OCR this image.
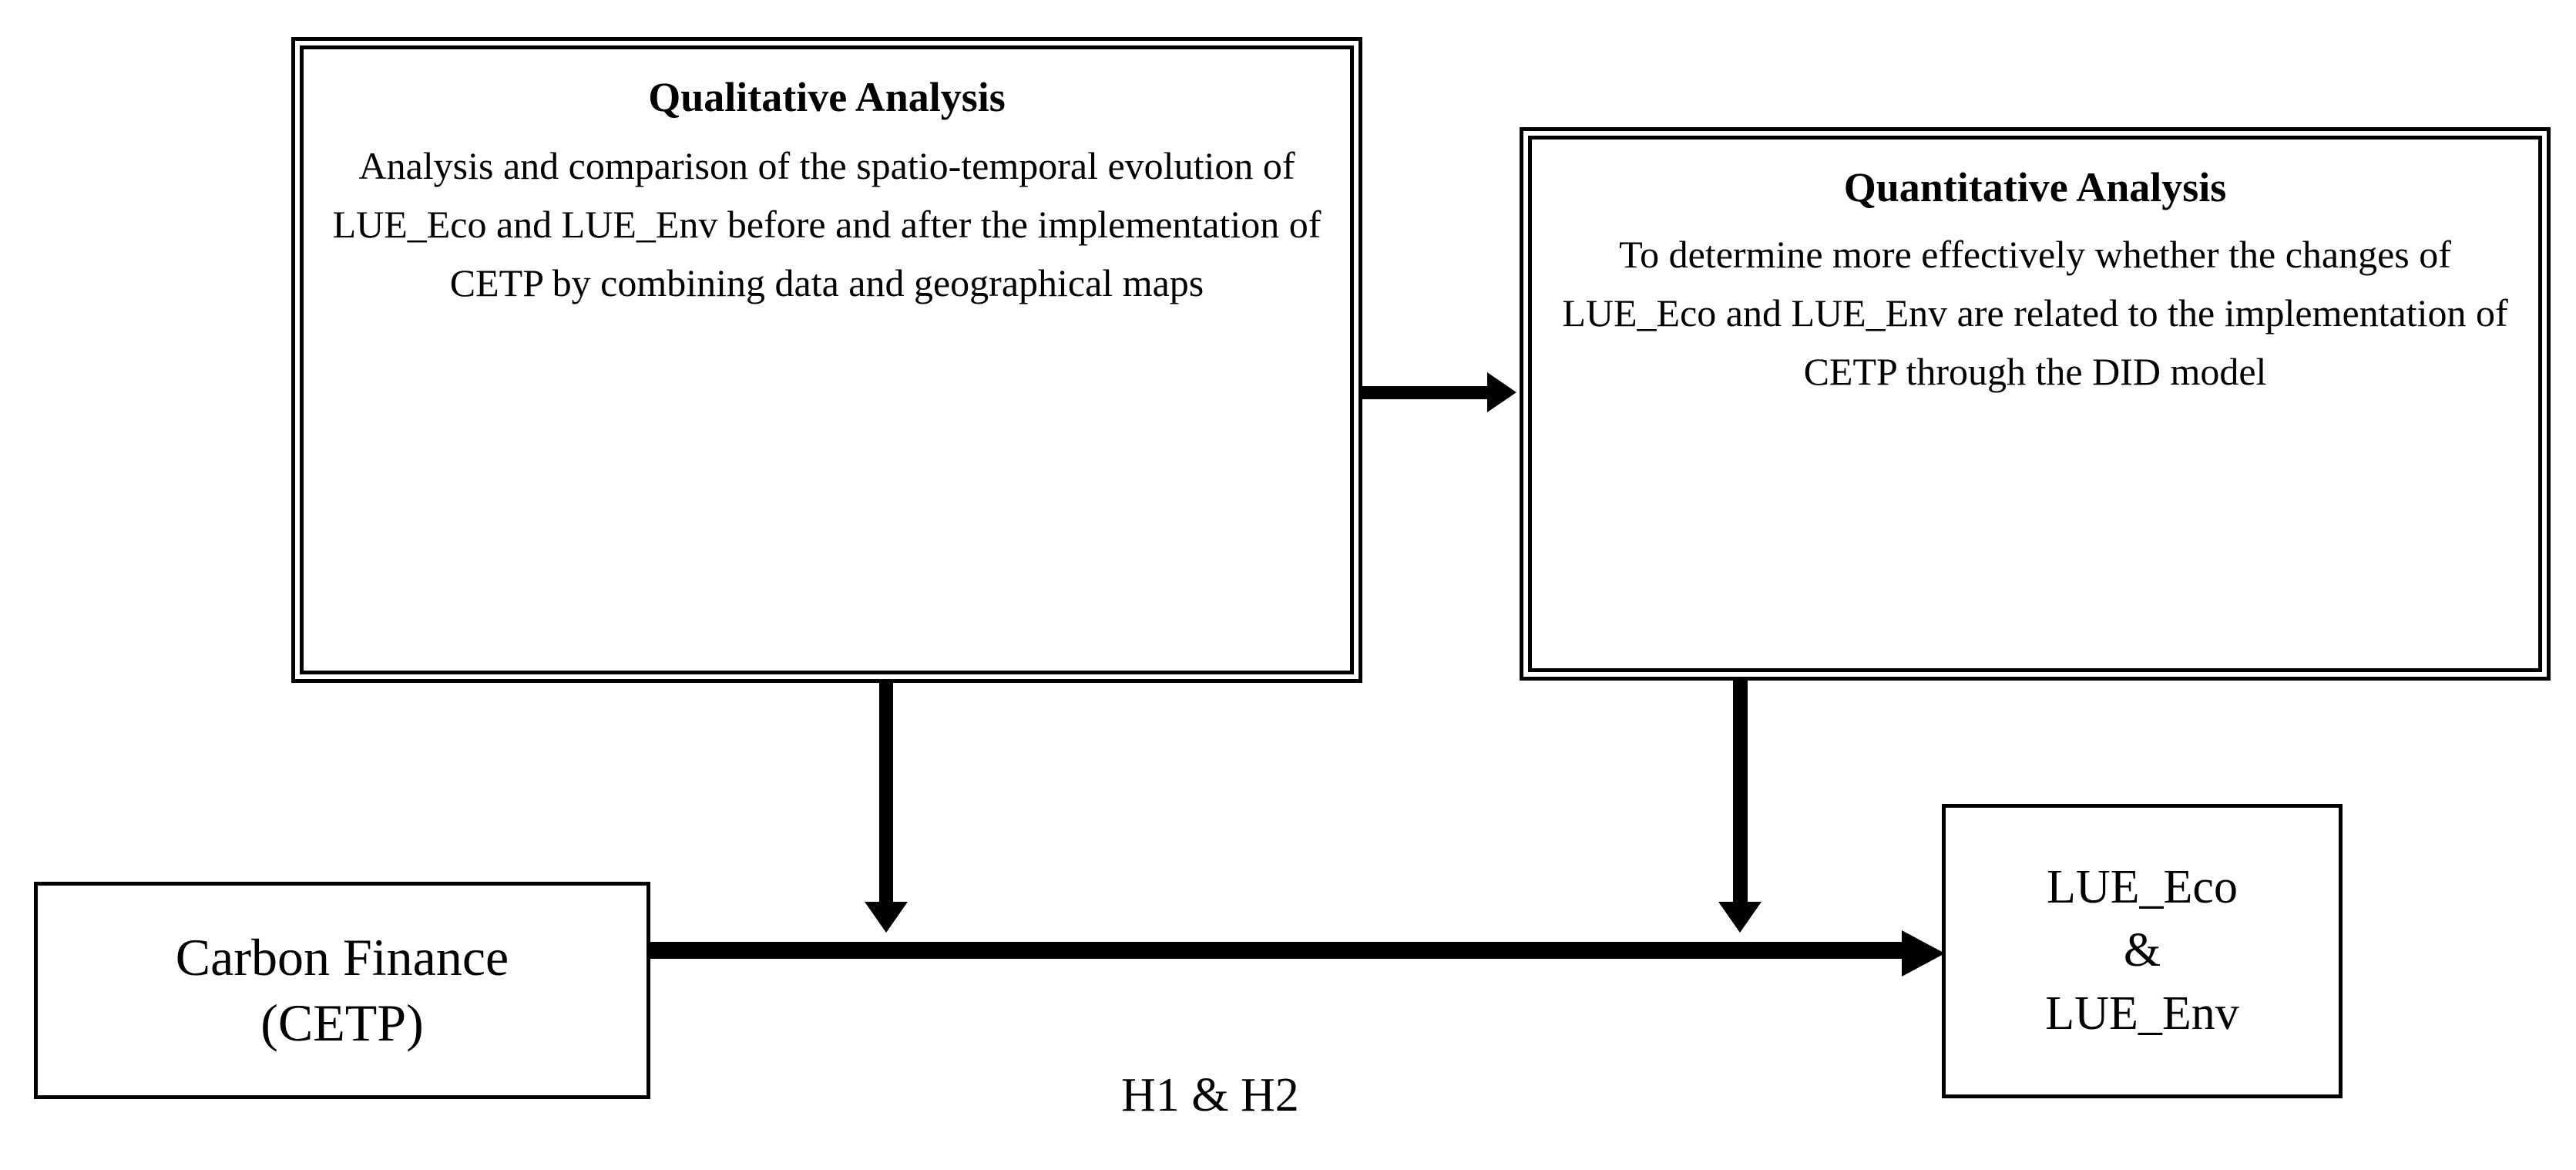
Qualitative Analysis
Analysis and comparison of the spatio-temporal evolution of LUE_Eco and LUE_Env before and after the implementation of CETP by combining data and geographical maps
Quantitative Analysis
To determine more effectively whether the changes of LUE_Eco and LUE_Env are related to the implementation of CETP through the DID model
Carbon Finance
(CETP)
LUE_Eco
&
LUE_Env
H1 & H2
